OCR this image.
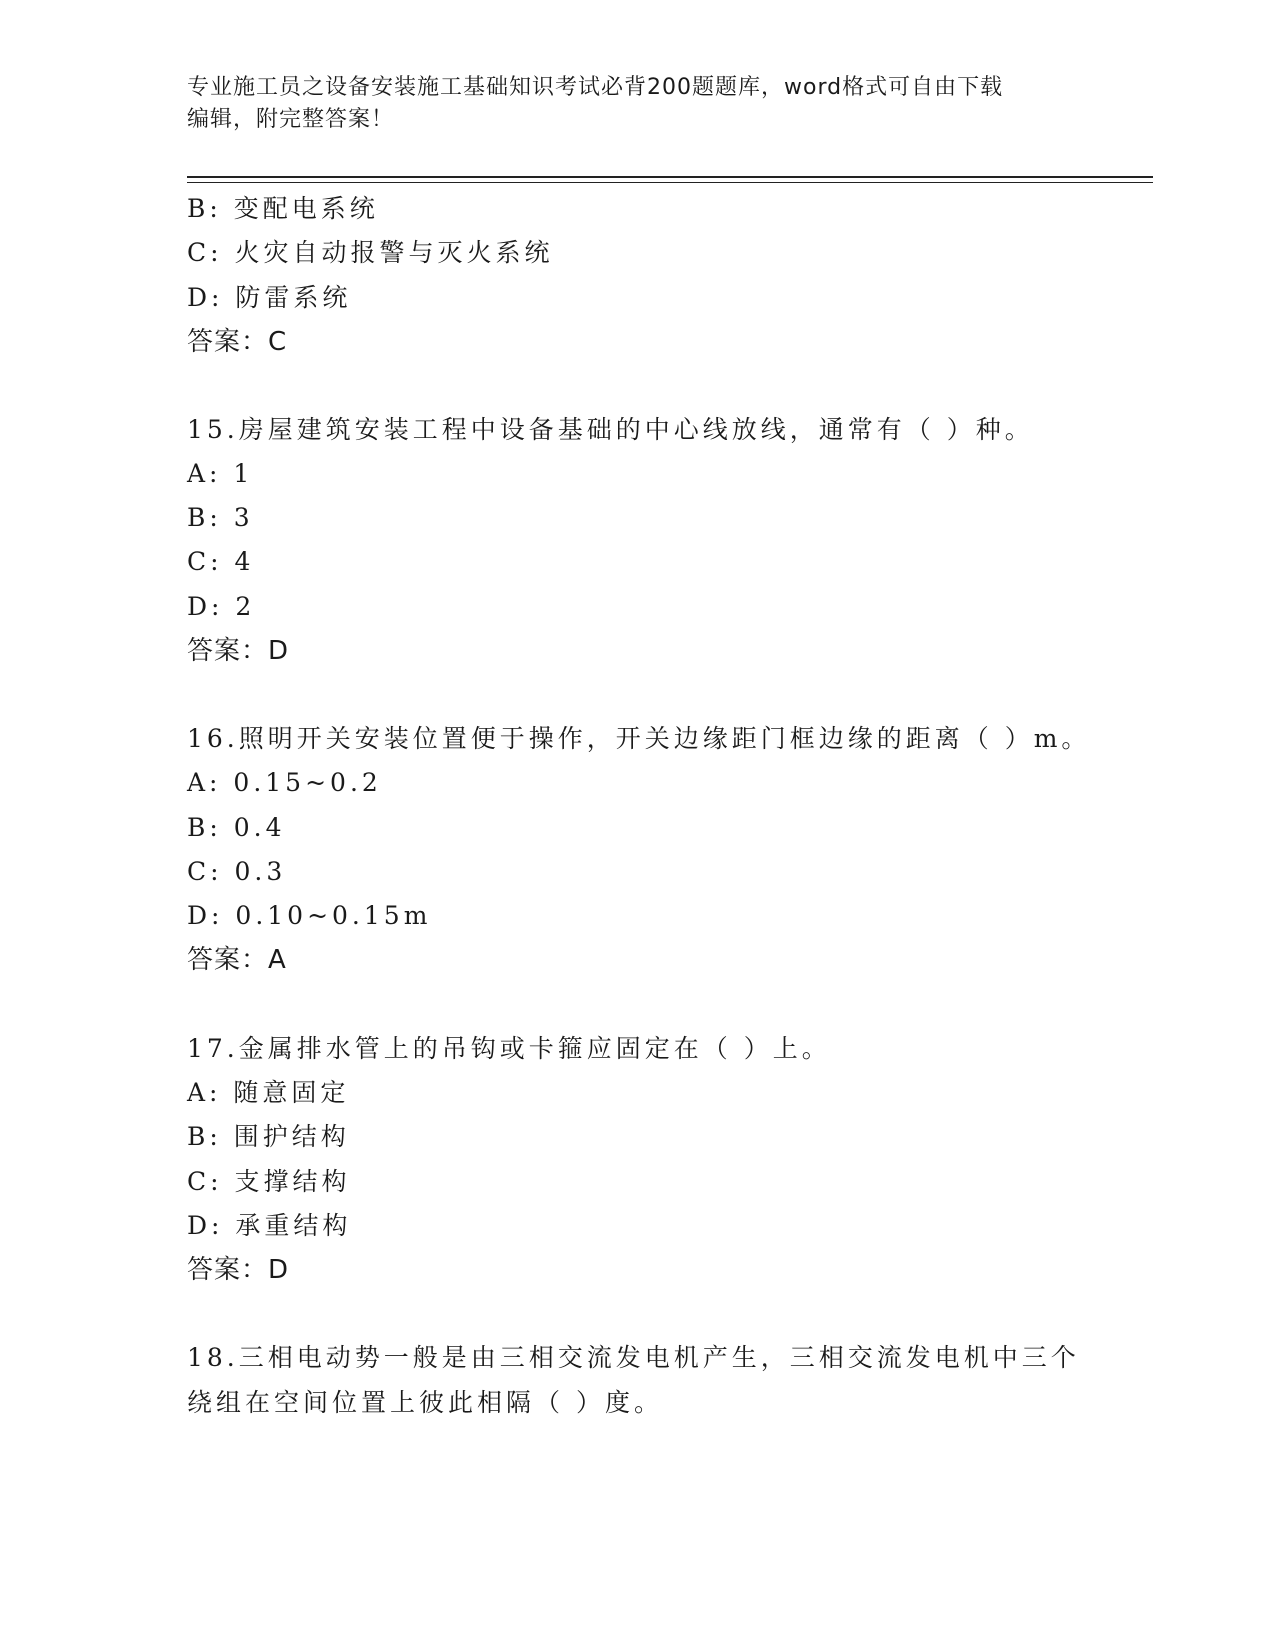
专业施工员之设备安装施工基础知识考试必背200题题库，word格式可自由下载
编辑，附完整答案！
B: 变配电系统
C: 火灾自动报警与灭火系统
D: 防雷系统
答案：C
15.房屋建筑安装工程中设备基础的中心线放线，通常有（ ）种。
A: 1
B: 3
C: 4
D: 2
答案：D
16.照明开关安装位置便于操作，开关边缘距门框边缘的距离（ ）m。
A: 0.15~0.2
B: 0.4
C: 0.3
D: 0.10~0.15m
答案：A
17.金属排水管上的吊钩或卡箍应固定在（ ）上。
A: 随意固定
B: 围护结构
C: 支撑结构
D: 承重结构
答案：D
18.三相电动势一般是由三相交流发电机产生，三相交流发电机中三个
绕组在空间位置上彼此相隔（ ）度。
